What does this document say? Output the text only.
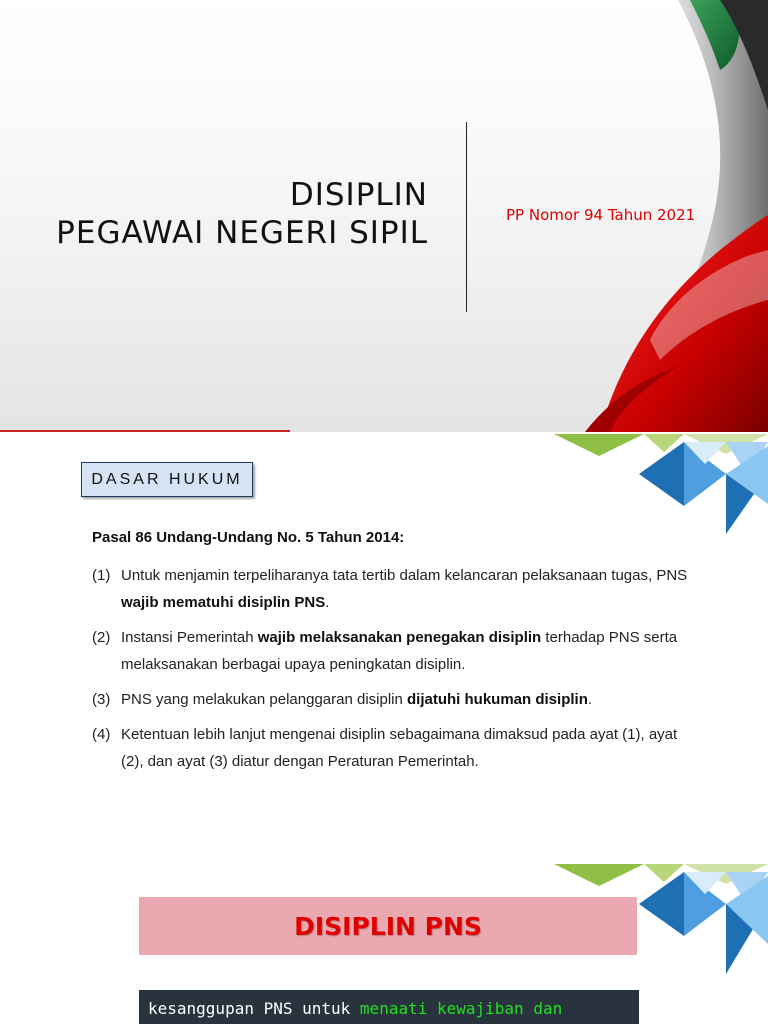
DISIPLIN
PEGAWAI NEGERI SIPIL	PP Nomor 94 Tahun 2021
DASAR HUKUM
Pasal 86 Undang-Undang No. 5 Tahun 2014:
(1) Untuk menjamin terpeliharanya tata tertib dalam kelancaran pelaksanaan tugas, PNS wajib mematuhi disiplin PNS.
(2) Instansi Pemerintah wajib melaksanakan penegakan disiplin terhadap PNS serta melaksanakan berbagai upaya peningkatan disiplin.
(3) PNS yang melakukan pelanggaran disiplin dijatuhi hukuman disiplin.
(4) Ketentuan lebih lanjut mengenai disiplin sebagaimana dimaksud pada ayat (1), ayat (2), dan ayat (3) diatur dengan Peraturan Pemerintah.
DISIPLIN PNS
kesanggupan PNS untuk menaati kewajiban dan
